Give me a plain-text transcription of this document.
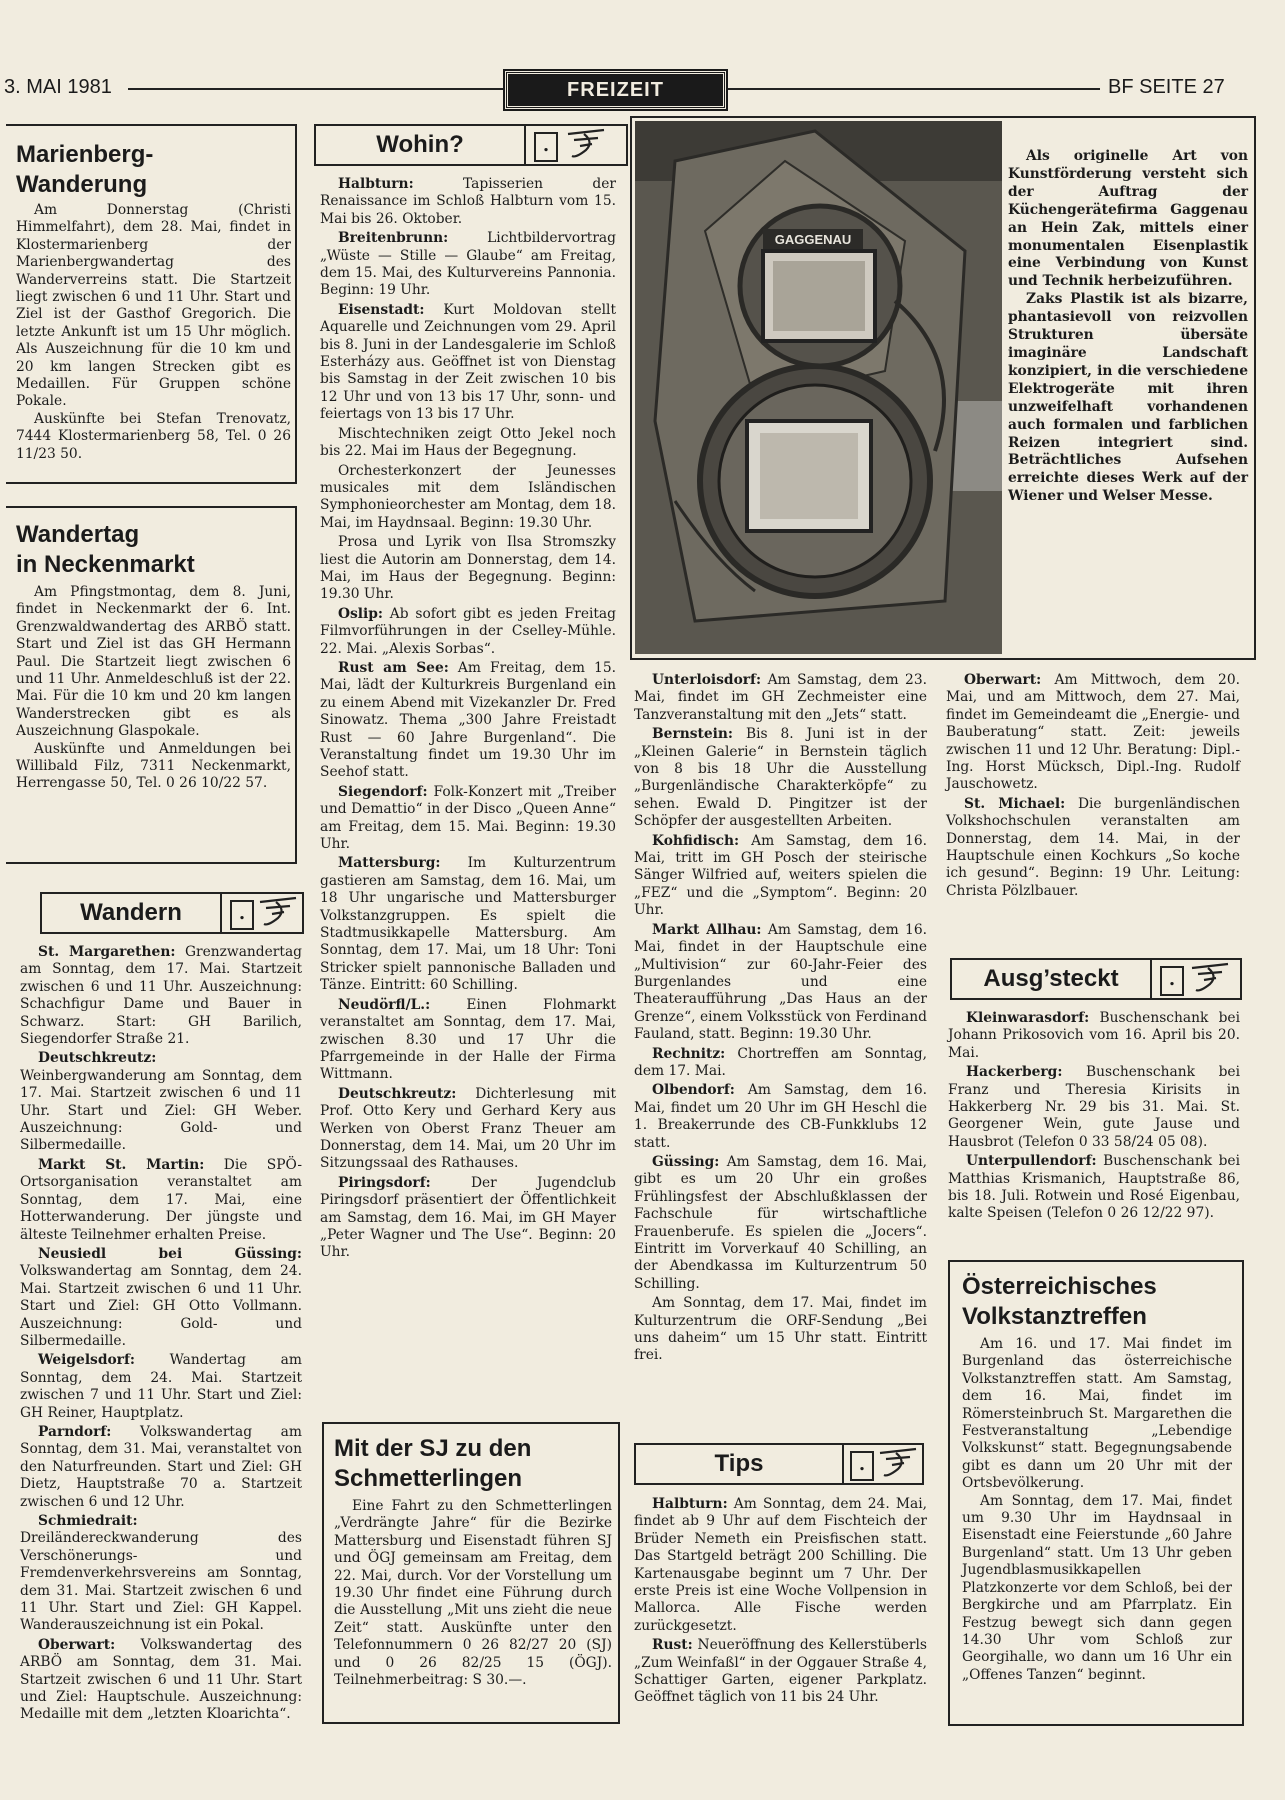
3. MAI 1981	FREIZEIT	BF SEITE 27
Marienberg-
Wanderung
Am Donnerstag (Christi Himmelfahrt), dem 28. Mai, findet in Klostermarienberg der Marienbergwandertag des Wanderverreins statt. Die Startzeit liegt zwischen 6 und 11 Uhr. Start und Ziel ist der Gasthof Gregorich. Die letzte Ankunft ist um 15 Uhr möglich. Als Auszeichnung für die 10 km und 20 km langen Strecken gibt es Medaillen. Für Gruppen schöne Pokale.
Auskünfte bei Stefan Trenovatz, 7444 Klostermarienberg 58, Tel. 0 26 11/23 50.
Wandertag
in Neckenmarkt
Am Pfingstmontag, dem 8. Juni, findet in Neckenmarkt der 6. Int. Grenzwaldwandertag des ARBÖ statt. Start und Ziel ist das GH Hermann Paul. Die Startzeit liegt zwischen 6 und 11 Uhr. Anmeldeschluß ist der 22. Mai. Für die 10 km und 20 km langen Wanderstrecken gibt es als Auszeichnung Glaspokale.
Auskünfte und Anmeldungen bei Willibald Filz, 7311 Neckenmarkt, Herrengasse 50, Tel. 0 26 10/22 57.
Wandern	.

St. Margarethen: Grenzwandertag am Sonntag, dem 17. Mai. Startzeit zwischen 6 und 11 Uhr. Auszeichnung: Schachfigur Dame und Bauer in Schwarz. Start: GH Barilich, Siegendorfer Straße 21.

Deutschkreutz: Weinbergwanderung am Sonntag, dem 17. Mai. Startzeit zwischen 6 und 11 Uhr. Start und Ziel: GH Weber. Auszeichnung: Gold- und Silbermedaille.

Markt St. Martin: Die SPÖ-Ortsorganisation veranstaltet am Sonntag, dem 17. Mai, eine Hotterwanderung. Der jüngste und älteste Teilnehmer erhalten Preise.

Neusiedl bei Güssing: Volkswandertag am Sonntag, dem 24. Mai. Startzeit zwischen 6 und 11 Uhr. Start und Ziel: GH Otto Vollmann. Auszeichnung: Gold- und Silbermedaille.

Weigelsdorf: Wandertag am Sonntag, dem 24. Mai. Startzeit zwischen 7 und 11 Uhr. Start und Ziel: GH Reiner, Hauptplatz.

Parndorf: Volkswandertag am Sonntag, dem 31. Mai, veranstaltet von den Naturfreunden. Start und Ziel: GH Dietz, Hauptstraße 70 a. Startzeit zwischen 6 und 12 Uhr.

Schmiedrait: Dreiländereckwanderung des Verschönerungs- und Fremdenverkehrsvereins am Sonntag, dem 31. Mai. Startzeit zwischen 6 und 11 Uhr. Start und Ziel: GH Kappel. Wanderauszeichnung ist ein Pokal.

Oberwart: Volkswandertag des ARBÖ am Sonntag, dem 31. Mai. Startzeit zwischen 6 und 11 Uhr. Start und Ziel: Hauptschule. Auszeichnung: Medaille mit dem „letzten Kloarichta“.

Wohin?	.

Halbturn: Tapisserien der Renaissance im Schloß Halbturn vom 15. Mai bis 26. Oktober.

Breitenbrunn: Lichtbildervortrag „Wüste — Stille — Glaube“ am Freitag, dem 15. Mai, des Kulturvereins Pannonia. Beginn: 19 Uhr.

Eisenstadt: Kurt Moldovan stellt Aquarelle und Zeichnungen vom 29. April bis 8. Juni in der Landesgalerie im Schloß Esterházy aus. Geöffnet ist von Dienstag bis Samstag in der Zeit zwischen 10 bis 12 Uhr und von 13 bis 17 Uhr, sonn- und feiertags von 13 bis 17 Uhr.

Mischtechniken zeigt Otto Jekel noch bis 22. Mai im Haus der Begegnung.

Orchesterkonzert der Jeunesses musicales mit dem Isländischen Symphonieorchester am Montag, dem 18. Mai, im Haydnsaal. Beginn: 19.30 Uhr.

Prosa und Lyrik von Ilsa Stromszky liest die Autorin am Donnerstag, dem 14. Mai, im Haus der Begegnung. Beginn: 19.30 Uhr.

Oslip: Ab sofort gibt es jeden Freitag Filmvorführungen in der Cselley-Mühle. 22. Mai. „Alexis Sorbas“.

Rust am See: Am Freitag, dem 15. Mai, lädt der Kulturkreis Burgenland ein zu einem Abend mit Vizekanzler Dr. Fred Sinowatz. Thema „300 Jahre Freistadt Rust — 60 Jahre Burgenland“. Die Veranstaltung findet um 19.30 Uhr im Seehof statt.

Siegendorf: Folk-Konzert mit „Treiber und Demattio“ in der Disco „Queen Anne“ am Freitag, dem 15. Mai. Beginn: 19.30 Uhr.

Mattersburg: Im Kulturzentrum gastieren am Samstag, dem 16. Mai, um 18 Uhr ungarische und Mattersburger Volkstanzgruppen. Es spielt die Stadtmusikkapelle Mattersburg. Am Sonntag, dem 17. Mai, um 18 Uhr: Toni Stricker spielt pannonische Balladen und Tänze. Eintritt: 60 Schilling.

Neudörfl/L.: Einen Flohmarkt veranstaltet am Sonntag, dem 17. Mai, zwischen 8.30 und 17 Uhr die Pfarrgemeinde in der Halle der Firma Wittmann.

Deutschkreutz: Dichterlesung mit Prof. Otto Kery und Gerhard Kery aus Werken von Oberst Franz Theuer am Donnerstag, dem 14. Mai, um 20 Uhr im Sitzungssaal des Rathauses.

Piringsdorf: Der Jugendclub Piringsdorf präsentiert der Öffentlichkeit am Samstag, dem 16. Mai, im GH Mayer „Peter Wagner und The Use“. Beginn: 20 Uhr.

Mit der SJ zu den
Schmetterlingen
Eine Fahrt zu den Schmetterlingen „Verdrängte Jahre“ für die Bezirke Mattersburg und Eisenstadt führen SJ und ÖGJ gemeinsam am Freitag, dem 22. Mai, durch. Vor der Vorstellung um 19.30 Uhr findet eine Führung durch die Ausstellung „Mit uns zieht die neue Zeit“ statt. Auskünfte unter den Telefonnummern 0 26 82/27 20 (SJ) und 0 26 82/25 15 (ÖGJ). Teilnehmerbeitrag: S 30.—.
GAGGENAU
Als originelle Art von Kunstförderung versteht sich der Auftrag der Küchengerätefirma Gaggenau an Hein Zak, mittels einer monumentalen Eisenplastik eine Verbindung von Kunst und Technik herbeizuführen.
Zaks Plastik ist als bizarre, phantasievoll von reizvollen Strukturen übersäte imaginäre Landschaft konzipiert, in die verschiedene Elektrogeräte mit ihren unzweifelhaft vorhandenen auch formalen und farblichen Reizen integriert sind. Beträchtliches Aufsehen erreichte dieses Werk auf der Wiener und Welser Messe.

Unterloisdorf: Am Samstag, dem 23. Mai, findet im GH Zechmeister eine Tanzveranstaltung mit den „Jets“ statt.

Bernstein: Bis 8. Juni ist in der „Kleinen Galerie“ in Bernstein täglich von 8 bis 18 Uhr die Ausstellung „Burgenländische Charakterköpfe“ zu sehen. Ewald D. Pingitzer ist der Schöpfer der ausgestellten Arbeiten.

Kohfidisch: Am Samstag, dem 16. Mai, tritt im GH Posch der steirische Sänger Wilfried auf, weiters spielen die „FEZ“ und die „Symptom“. Beginn: 20 Uhr.

Markt Allhau: Am Samstag, dem 16. Mai, findet in der Hauptschule eine „Multivision“ zur 60-Jahr-Feier des Burgenlandes und eine Theateraufführung „Das Haus an der Grenze“, einem Volksstück von Ferdinand Fauland, statt. Beginn: 19.30 Uhr.

Rechnitz: Chortreffen am Sonntag, dem 17. Mai.

Olbendorf: Am Samstag, dem 16. Mai, findet um 20 Uhr im GH Heschl die 1. Breakerrunde des CB-Funkklubs 12 statt.

Güssing: Am Samstag, dem 16. Mai, gibt es um 20 Uhr ein großes Frühlingsfest der Abschlußklassen der Fachschule für wirtschaftliche Frauenberufe. Es spielen die „Jocers“. Eintritt im Vorverkauf 40 Schilling, an der Abendkassa im Kulturzentrum 50 Schilling.

Am Sonntag, dem 17. Mai, findet im Kulturzentrum die ORF-Sendung „Bei uns daheim“ um 15 Uhr statt. Eintritt frei.

Tips	.

Halbturn: Am Sonntag, dem 24. Mai, findet ab 9 Uhr auf dem Fischteich der Brüder Nemeth ein Preisfischen statt. Das Startgeld beträgt 200 Schilling. Die Kartenausgabe beginnt um 7 Uhr. Der erste Preis ist eine Woche Vollpension in Mallorca. Alle Fische werden zurückgesetzt.

Rust: Neueröffnung des Kellerstüberls „Zum Weinfaßl“ in der Oggauer Straße 4, Schattiger Garten, eigener Parkplatz. Geöffnet täglich von 11 bis 24 Uhr.

Oberwart: Am Mittwoch, dem 20. Mai, und am Mittwoch, dem 27. Mai, findet im Gemeindeamt die „Energie- und Bauberatung“ statt. Zeit: jeweils zwischen 11 und 12 Uhr. Beratung: Dipl.-Ing. Horst Mücksch, Dipl.-Ing. Rudolf Jauschowetz.

St. Michael: Die burgenländischen Volkshochschulen veranstalten am Donnerstag, dem 14. Mai, in der Hauptschule einen Kochkurs „So koche ich gesund“. Beginn: 19 Uhr. Leitung: Christa Pölzlbauer.

Ausg’steckt	.

Kleinwarasdorf: Buschenschank bei Johann Prikosovich vom 16. April bis 20. Mai.

Hackerberg: Buschenschank bei Franz und Theresia Kirisits in Hakkerberg Nr. 29 bis 31. Mai. St. Georgener Wein, gute Jause und Hausbrot (Telefon 0 33 58/24 05 08).

Unterpullendorf: Buschenschank bei Matthias Krismanich, Hauptstraße 86, bis 18. Juli. Rotwein und Rosé Eigenbau, kalte Speisen (Telefon 0 26 12/22 97).

Österreichisches
Volkstanztreffen
Am 16. und 17. Mai findet im Burgenland das österreichische Volkstanztreffen statt. Am Samstag, dem 16. Mai, findet im Römersteinbruch St. Margarethen die Festveranstaltung „Lebendige Volkskunst“ statt. Begegnungsabende gibt es dann um 20 Uhr mit der Ortsbevölkerung.
Am Sonntag, dem 17. Mai, findet um 9.30 Uhr im Haydnsaal in Eisenstadt eine Feierstunde „60 Jahre Burgenland“ statt. Um 13 Uhr geben Jugendblasmusikkapellen Platzkonzerte vor dem Schloß, bei der Bergkirche und am Pfarrplatz. Ein Festzug bewegt sich dann gegen 14.30 Uhr vom Schloß zur Georgihalle, wo dann um 16 Uhr ein „Offenes Tanzen“ beginnt.
